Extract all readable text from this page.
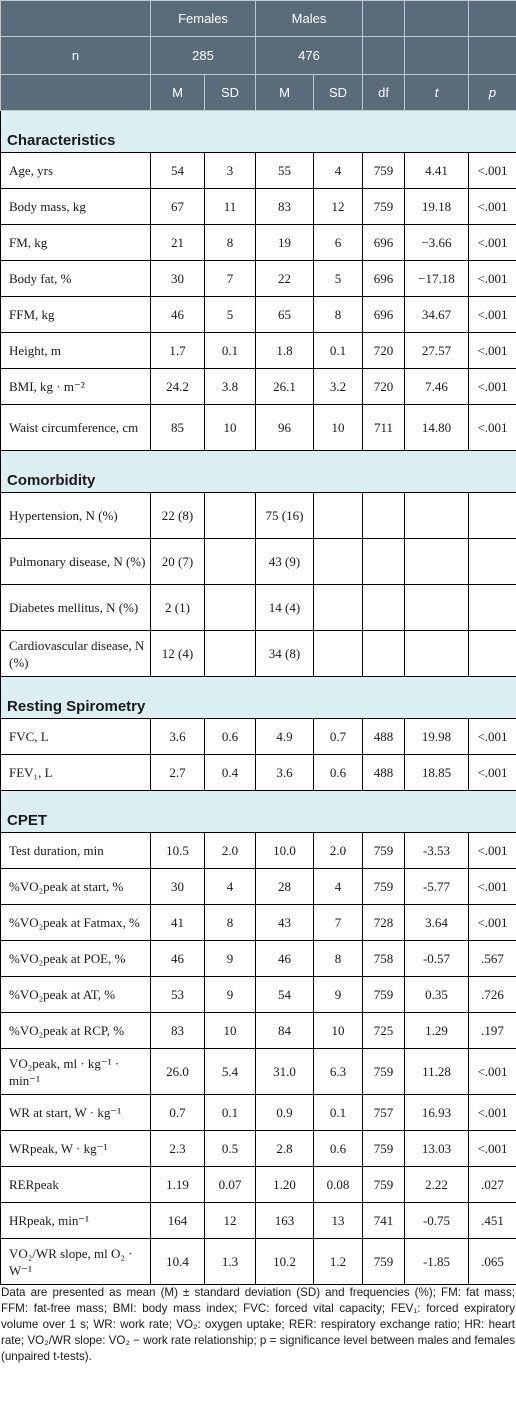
	Females		Males				
n	285		476				
	M	SD	M	SD	df	t	p
Characteristics							
Age, yrs	54	3	55	4	759	4.41	<.001
Body mass, kg	67	11	83	12	759	19.18	<.001
FM, kg	21	8	19	6	696	−3.66	<.001
Body fat, %	30	7	22	5	696	−17.18	<.001
FFM, kg	46	5	65	8	696	34.67	<.001
Height, m	1.7	0.1	1.8	0.1	720	27.57	<.001
BMI, kg · m⁻²	24.2	3.8	26.1	3.2	720	7.46	<.001
Waist circumference, cm	85	10	96	10	711	14.80	<.001
Comorbidity							
Hypertension, N (%)	22 (8)		75 (16)				
Pulmonary disease, N (%)	20 (7)		43 (9)				
Diabetes mellitus, N (%)	2 (1)		14 (4)				
Cardiovascular disease, N (%)	12 (4)		34 (8)				
Resting Spirometry							
FVC, L	3.6	0.6	4.9	0.7	488	19.98	<.001
FEV₁, L	2.7	0.4	3.6	0.6	488	18.85	<.001
CPET							
Test duration, min	10.5	2.0	10.0	2.0	759	-3.53	<.001
%VO₂peak at start, %	30	4	28	4	759	-5.77	<.001
%VO₂peak at Fatmax, %	41	8	43	7	728	3.64	<.001
%VO₂peak at POE, %	46	9	46	8	758	-0.57	.567
%VO₂peak at AT, %	53	9	54	9	759	0.35	.726
%VO₂peak at RCP, %	83	10	84	10	725	1.29	.197
VO₂peak, ml · kg⁻¹ · min⁻¹	26.0	5.4	31.0	6.3	759	11.28	<.001
WR at start, W · kg⁻¹	0.7	0.1	0.9	0.1	757	16.93	<.001
WRpeak, W · kg⁻¹	2.3	0.5	2.8	0.6	759	13.03	<.001
RERpeak	1.19	0.07	1.20	0.08	759	2.22	.027
HRpeak, min⁻¹	164	12	163	13	741	-0.75	.451
VO₂/WR slope, ml O₂ · W⁻¹	10.4	1.3	10.2	1.2	759	-1.85	.065
Data are presented as mean (M) ± standard deviation (SD) and frequencies (%); FM: fat mass; FFM: fat-free mass; BMI: body mass index; FVC: forced vital capacity; FEV₁: forced expiratory volume over 1 s; WR: work rate; VO₂: oxygen uptake; RER: respiratory exchange ratio; HR: heart rate; VO₂/WR slope: VO₂ − work rate relationship; p = significance level between males and females (unpaired t-tests).
